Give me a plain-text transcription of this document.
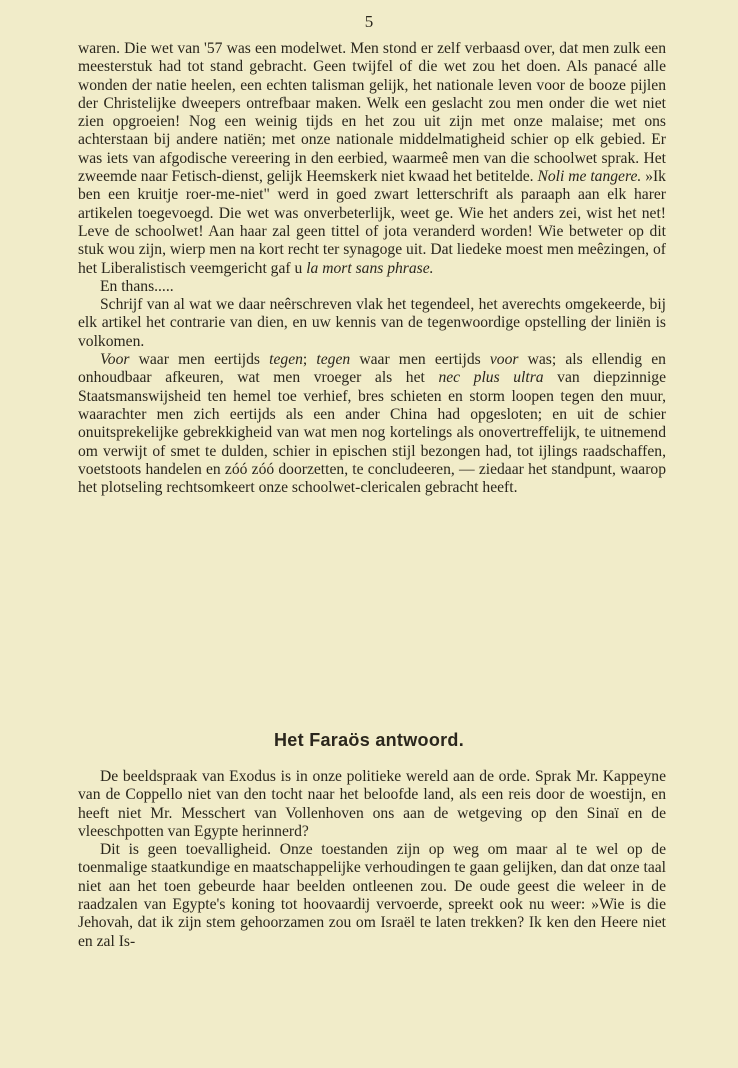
5

waren. Die wet van '57 was een modelwet. Men stond er zelf verbaasd over, dat men zulk een meesterstuk had tot stand gebracht. Geen twijfel of die wet zou het doen. Als panacé alle wonden der natie heelen, een echten talisman gelijk, het nationale leven voor de booze pijlen der Christelijke dweepers ontrefbaar maken. Welk een geslacht zou men onder die wet niet zien opgroeien! Nog een weinig tijds en het zou uit zijn met onze malaise; met ons achterstaan bij andere natiën; met onze nationale middelmatigheid schier op elk gebied. Er was iets van afgodische vereering in den eerbied, waarmeê men van die schoolwet sprak. Het zweemde naar Fetisch-dienst, gelijk Heemskerk niet kwaad het betitelde. Noli me tangere. »Ik ben een kruitje roer-me-niet" werd in goed zwart letterschrift als paraaph aan elk harer artikelen toegevoegd. Die wet was onverbeterlijk, weet ge. Wie het anders zei, wist het net! Leve de schoolwet! Aan haar zal geen tittel of jota veranderd worden! Wie betweter op dit stuk wou zijn, wierp men na kort recht ter synagoge uit. Dat liedeke moest men meêzingen, of het Liberalistisch veemgericht gaf u la mort sans phrase.

En thans.....

Schrijf van al wat we daar neêrschreven vlak het tegendeel, het averechts omgekeerde, bij elk artikel het contrarie van dien, en uw kennis van de tegenwoordige opstelling der liniën is volkomen.

Voor waar men eertijds tegen; tegen waar men eertijds voor was; als ellendig en onhoudbaar afkeuren, wat men vroeger als het nec plus ultra van diepzinnige Staatsmanswijsheid ten hemel toe verhief, bres schieten en storm loopen tegen den muur, waarachter men zich eertijds als een ander China had opgesloten; en uit de schier onuitsprekelijke gebrekkigheid van wat men nog kortelings als onovertreffelijk, te uitnemend om verwijt of smet te dulden, schier in epischen stijl bezongen had, tot ijlings raadschaffen, voetstoots handelen en zóó zóó doorzetten, te concludeeren, — ziedaar het standpunt, waarop het plotseling rechtsomkeert onze schoolwet-clericalen gebracht heeft.

Het Faraös antwoord.

De beeldspraak van Exodus is in onze politieke wereld aan de orde. Sprak Mr. Kappeyne van de Coppello niet van den tocht naar het beloofde land, als een reis door de woestijn, en heeft niet Mr. Messchert van Vollenhoven ons aan de wetgeving op den Sinaï en de vleeschpotten van Egypte herinnerd?

Dit is geen toevalligheid. Onze toestanden zijn op weg om maar al te wel op de toenmalige staatkundige en maatschappelijke verhoudingen te gaan gelijken, dan dat onze taal niet aan het toen gebeurde haar beelden ontleenen zou. De oude geest die weleer in de raadzalen van Egypte's koning tot hoovaardij vervoerde, spreekt ook nu weer: »Wie is die Jehovah, dat ik zijn stem gehoorzamen zou om Israël te laten trekken? Ik ken den Heere niet en zal Is-
